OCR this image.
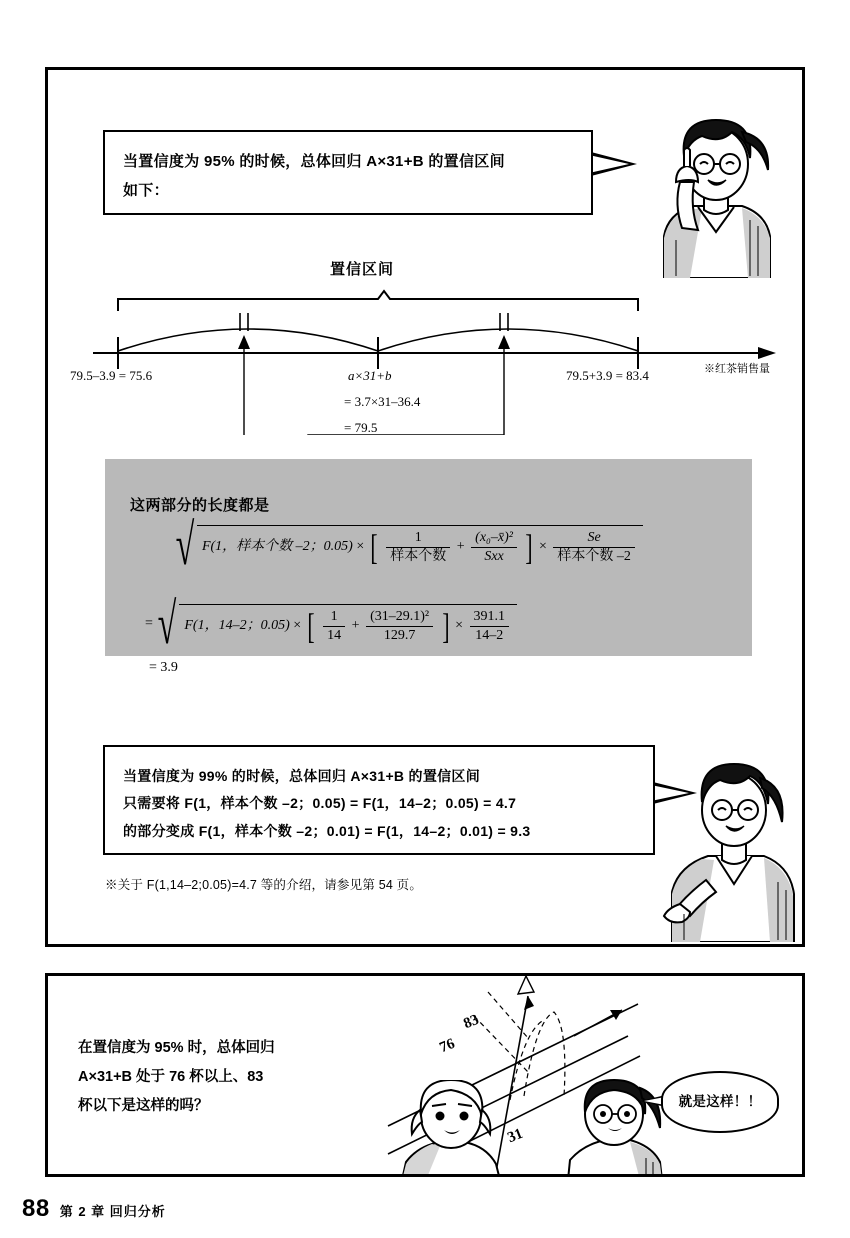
当置信度为 95% 的时候，总体回归 A×31+B 的置信区间
如下：
置信区间
79.5–3.9 = 75.6	a×31+b
= 3.7×31–36.4
= 79.5
79.5+3.9 = 83.4	※红茶销售量
这两部分的长度都是
√ F(1，样本个数 –2；0.05) × [ $\frac{1}{\text{样本个数}} + \frac{\text{(x₀–x̄)²}}{\text{Sxx}}$ ] × $\frac{Se}{\text{样本个数 –2}}$
= √ F(1，14–2；0.05) × [ $\frac{1}{14} + \frac{\text{(31–29.1)²}}{129.7}$ ] × $\frac{391.1}{14-2}$
= 3.9
当置信度为 99% 的时候，总体回归 A×31+B 的置信区间
只需要将 F(1，样本个数 –2；0.05) = F(1，14–2；0.05) = 4.7
的部分变成 F(1，样本个数 –2；0.01) = F(1，14–2；0.01) = 9.3
※关于 F(1,14–2;0.05)=4.7 等的介绍，请参见第 54 页。
在置信度为 95% 时，总体回归
A×31+B 处于 76 杯以上、83
杯以下是这样的吗？
83
76
31
就是这样！！
88 第 2 章 回归分析
